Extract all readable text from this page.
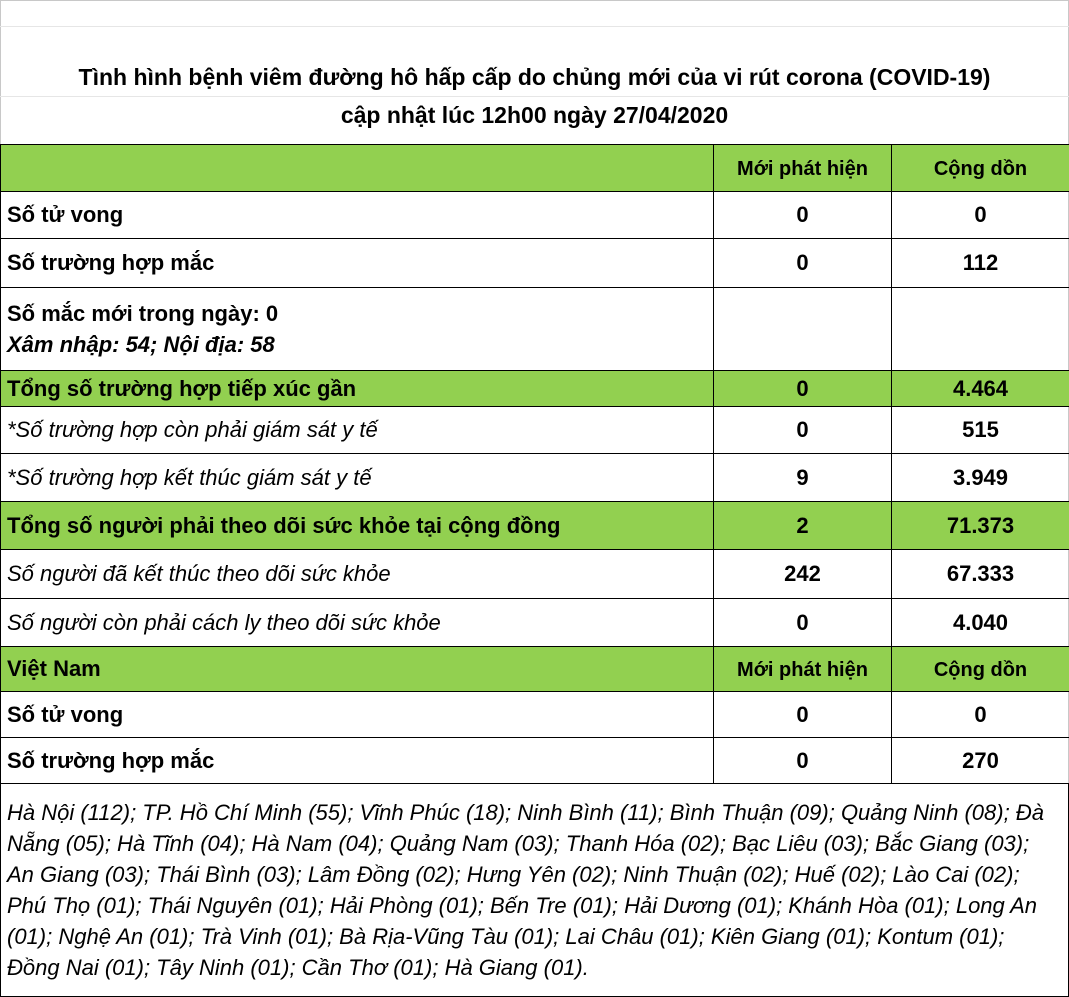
Tình hình bệnh viêm đường hô hấp cấp do chủng mới của vi rút corona (COVID-19)
cập nhật lúc 12h00 ngày 27/04/2020
	Mới phát hiện	Cộng dồn
Số tử vong	0	0
Số trường hợp mắc	0	112

Số mắc mới trong ngày: 0
Xâm nhập: 54; Nội địa: 58		

Tổng số trường hợp tiếp xúc gần	0	4.464
*Số trường hợp còn phải giám sát y tế	0	515
*Số trường hợp kết thúc giám sát y tế	9	3.949
Tổng số người phải theo dõi sức khỏe tại cộng đồng	2	71.373
Số người đã kết thúc theo dõi sức khỏe	242	67.333
Số người còn phải cách ly theo dõi sức khỏe	0	4.040
Việt Nam	Mới phát hiện	Cộng dồn
Số tử vong	0	0
Số trường hợp mắc	0	270
Hà Nội (112); TP. Hồ Chí Minh (55); Vĩnh Phúc (18); Ninh Bình (11); Bình Thuận (09); Quảng Ninh (08); Đà Nẵng (05); Hà Tĩnh (04); Hà Nam (04); Quảng Nam (03); Thanh Hóa (02); Bạc Liêu (03); Bắc Giang (03); An Giang (03); Thái Bình (03); Lâm Đồng (02); Hưng Yên (02); Ninh Thuận (02); Huế (02); Lào Cai (02); Phú Thọ (01); Thái Nguyên (01); Hải Phòng (01); Bến Tre (01); Hải Dương (01); Khánh Hòa (01); Long An (01); Nghệ An (01); Trà Vinh (01); Bà Rịa-Vũng Tàu (01); Lai Châu (01); Kiên Giang (01); Kontum (01); Đồng Nai (01); Tây Ninh (01); Cần Thơ (01); Hà Giang (01).
